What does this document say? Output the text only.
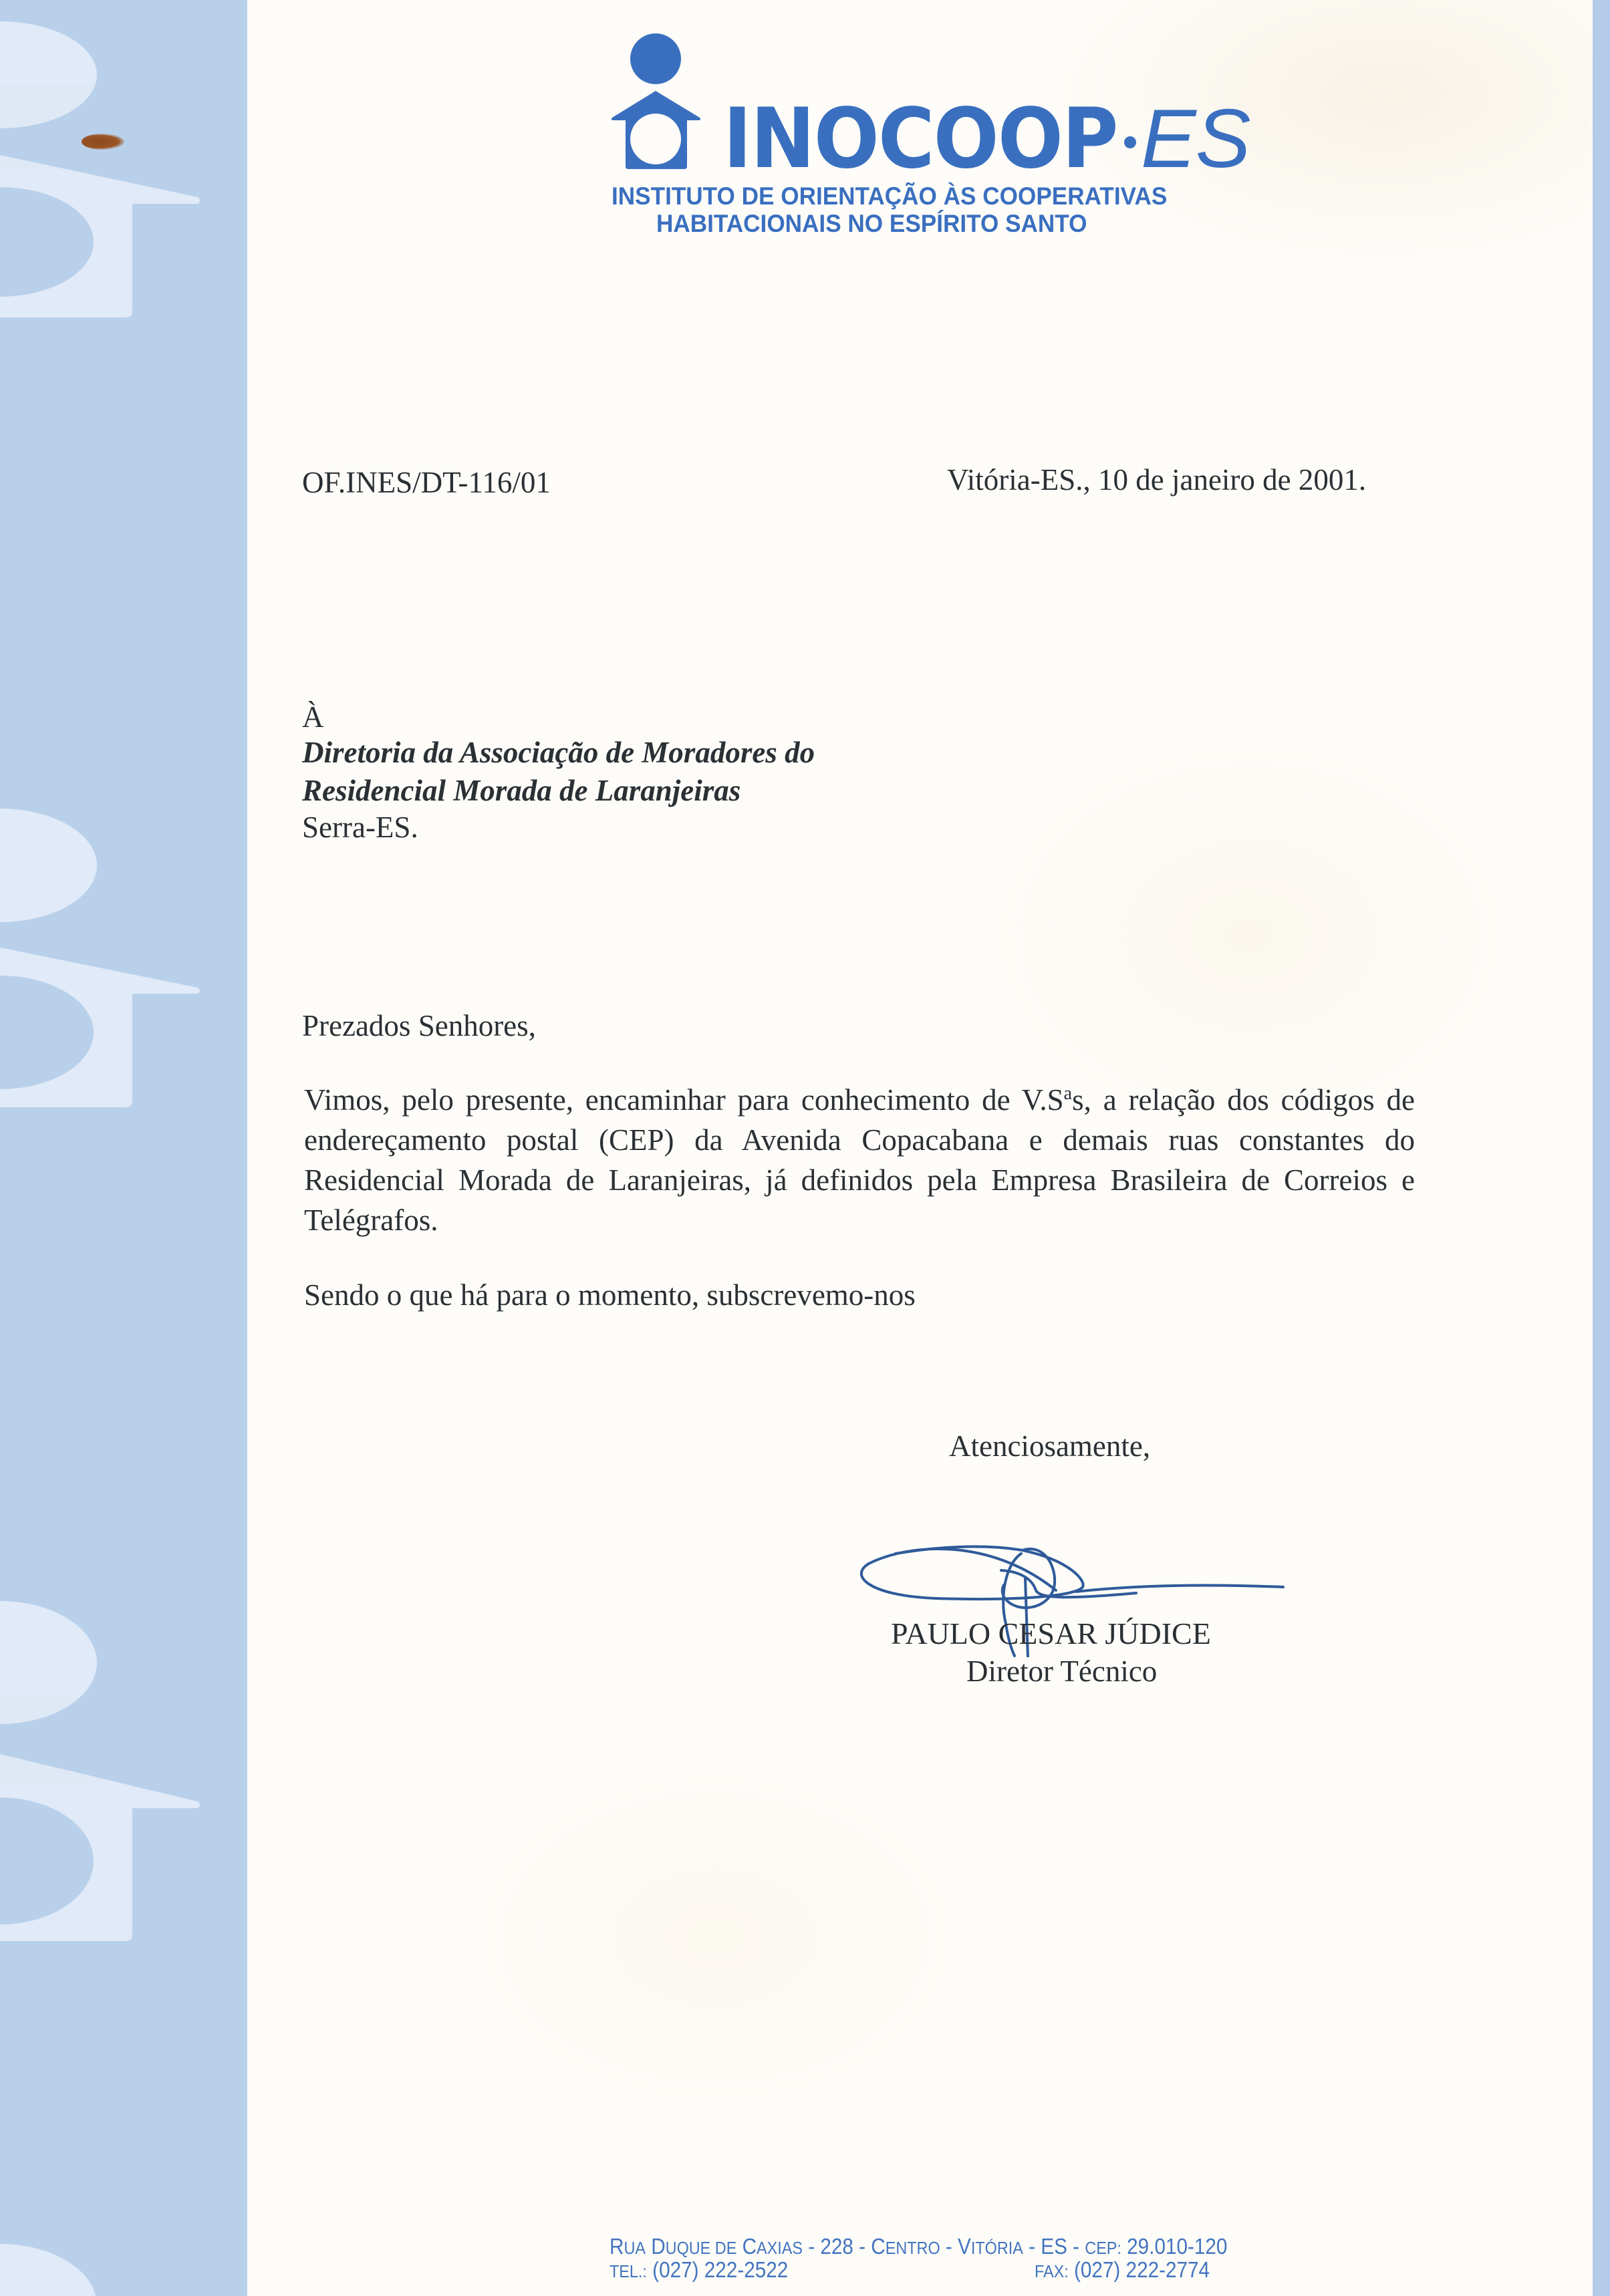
INOCOOP ES
INSTITUTO DE ORIENTAÇÃO ÀS COOPERATIVAS
HABITACIONAIS NO ESPÍRITO SANTO
OF.INES/DT-116/01	Vitória-ES., 10 de janeiro de 2001.
À
Diretoria da Associação de Moradores do
Residencial Morada de Laranjeiras
Serra-ES.
Prezados Senhores,

Vimos, pelo presente, encaminhar para conhecimento de $V.S^as$, a relação dos códigos de endereçamento postal (CEP) da Avenida Copacabana e demais ruas constantes do Residencial Morada de Laranjeiras, já definidos pela Empresa Brasileira de Correios e Telégrafos.

Sendo o que há para o momento, subscrevemo-nos
Atenciosamente,
PAULO CESAR JÚDICE
Diretor Técnico
RUA DUQUE DE CAXIAS - 228 - CENTRO - VITÓRIA - ES - CEP: 29.010-120
TEL.: (027) 222-2522	FAX: (027) 222-2774
